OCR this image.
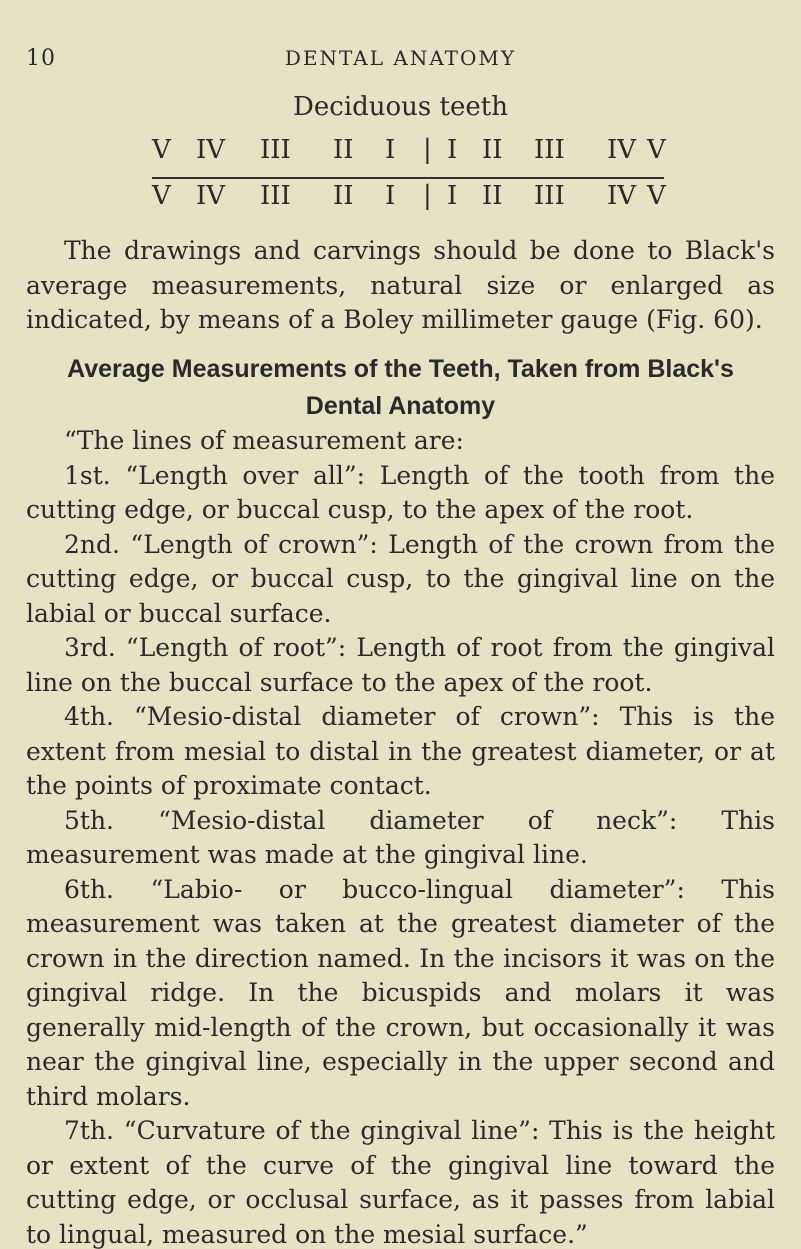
10	DENTAL ANATOMY
Deciduous teeth
V IV III II I | I II III IV V
V IV III II I | I II III IV V
The drawings and carvings should be done to Black's average measurements, natural size or enlarged as indicated, by means of a Boley millimeter gauge (Fig. 60).
Average Measurements of the Teeth, Taken from Black's Dental Anatomy
“The lines of measurement are:
1st. “Length over all”: Length of the tooth from the cutting edge, or buccal cusp, to the apex of the root.
2nd. “Length of crown”: Length of the crown from the cutting edge, or buccal cusp, to the gingival line on the labial or buccal surface.
3rd. “Length of root”: Length of root from the gingival line on the buccal surface to the apex of the root.
4th. “Mesio-distal diameter of crown”: This is the extent from mesial to distal in the greatest diameter, or at the points of proximate contact.
5th. “Mesio-distal diameter of neck”: This measurement was made at the gingival line.
6th. “Labio- or bucco-lingual diameter”: This measurement was taken at the greatest diameter of the crown in the direction named. In the incisors it was on the gingival ridge. In the bicuspids and molars it was generally mid-length of the crown, but occasionally it was near the gingival line, especially in the upper second and third molars.
7th. “Curvature of the gingival line”: This is the height or extent of the curve of the gingival line toward the cutting edge, or occlusal surface, as it passes from labial to lingual, measured on the mesial surface.”
